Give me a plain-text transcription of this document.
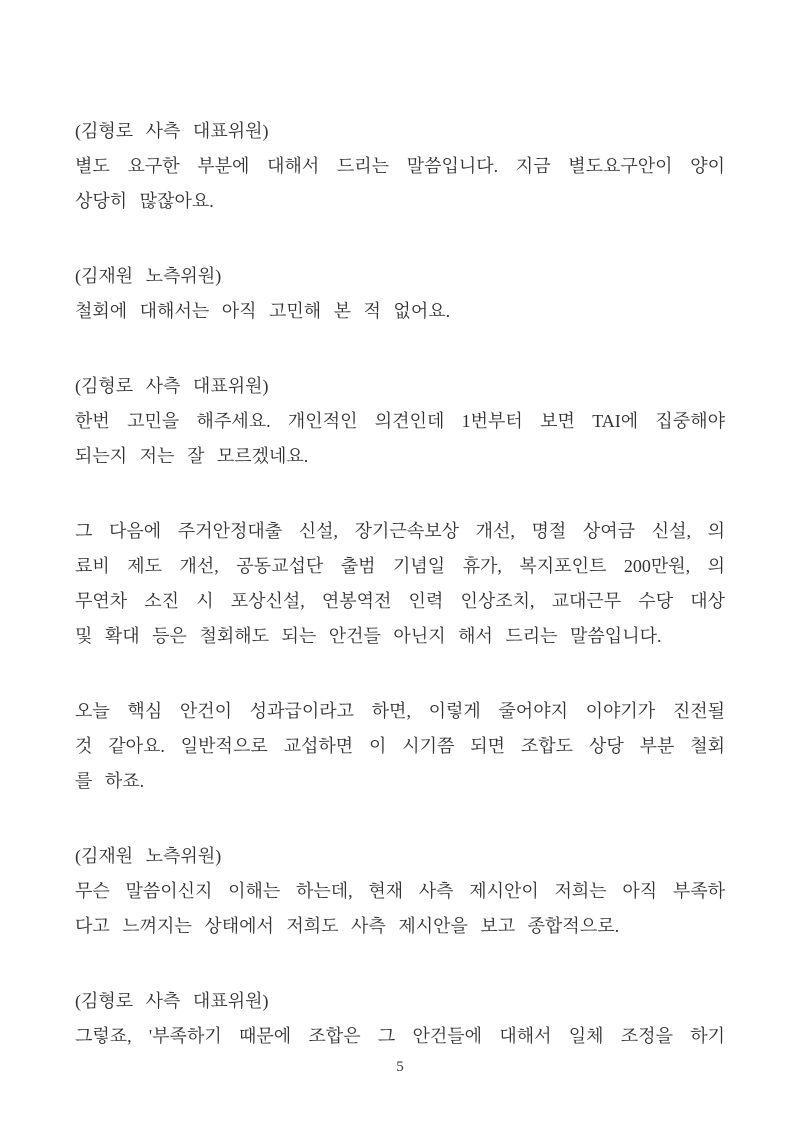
(김형로 사측 대표위원)
별도 요구한 부분에 대해서 드리는 말씀입니다. 지금 별도요구안이 양이
상당히 많잖아요.
(김재원 노측위원)
철회에 대해서는 아직 고민해 본 적 없어요.
(김형로 사측 대표위원)
한번 고민을 해주세요. 개인적인 의견인데 1번부터 보면 TAI에 집중해야
되는지 저는 잘 모르겠네요.
그 다음에 주거안정대출 신설, 장기근속보상 개선, 명절 상여금 신설, 의
료비 제도 개선, 공동교섭단 출범 기념일 휴가, 복지포인트 200만원, 의
무연차 소진 시 포상신설, 연봉역전 인력 인상조치, 교대근무 수당 대상
및 확대 등은 철회해도 되는 안건들 아닌지 해서 드리는 말씀입니다.
오늘 핵심 안건이 성과급이라고 하면, 이렇게 줄어야지 이야기가 진전될
것 같아요. 일반적으로 교섭하면 이 시기쯤 되면 조합도 상당 부분 철회
를 하죠.
(김재원 노측위원)
무슨 말씀이신지 이해는 하는데, 현재 사측 제시안이 저희는 아직 부족하
다고 느껴지는 상태에서 저희도 사측 제시안을 보고 종합적으로.
(김형로 사측 대표위원)
그렇죠, '부족하기 때문에 조합은 그 안건들에 대해서 일체 조정을 하기
5
